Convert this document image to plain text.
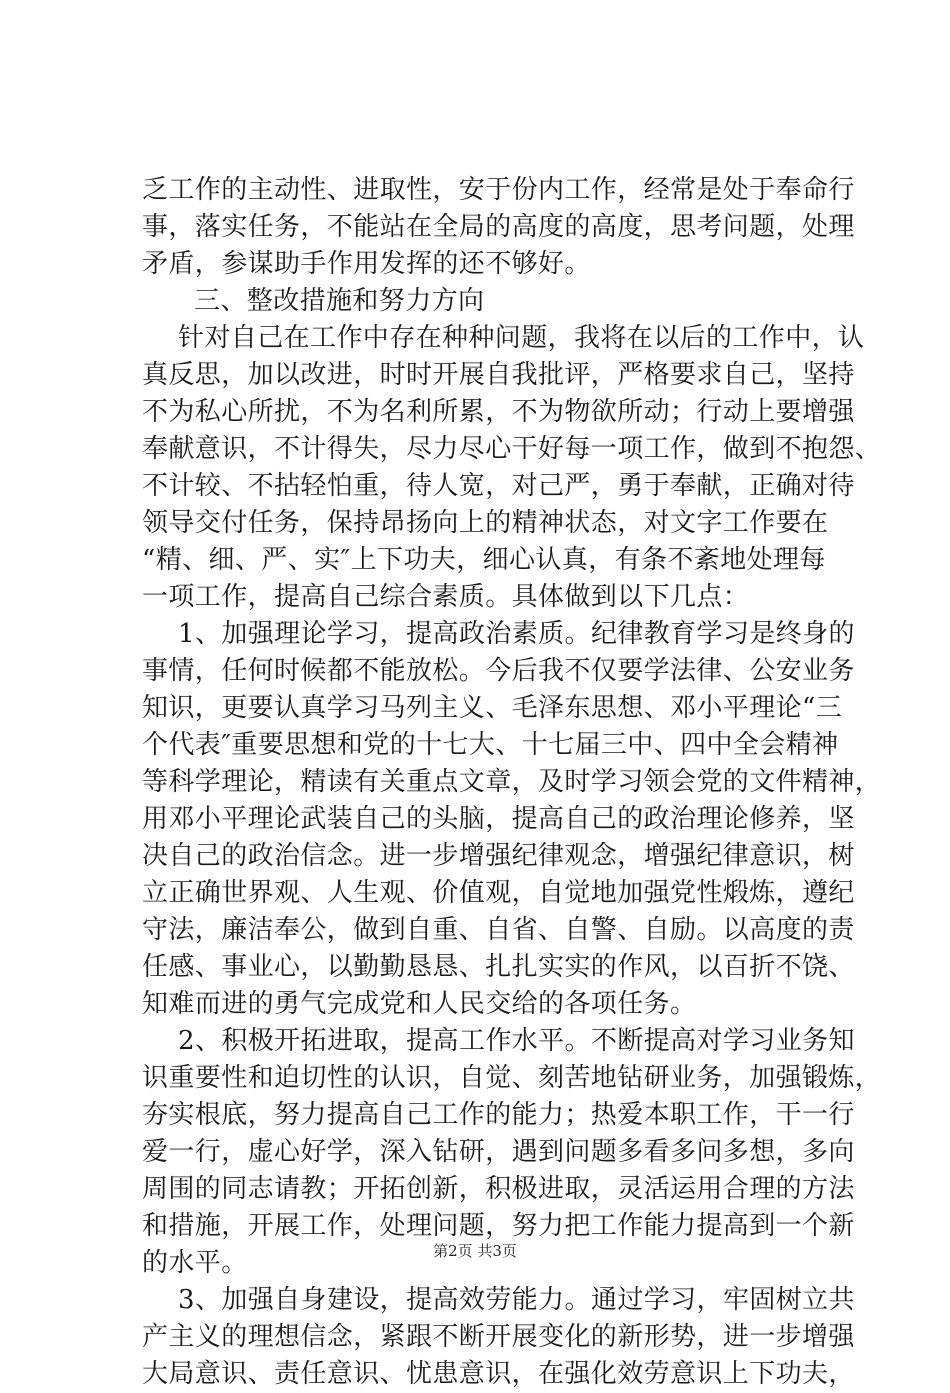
乏工作的主动性、进取性，安于份内工作，经常是处于奉命行
事，落实任务，不能站在全局的高度的高度，思考问题，处理
矛盾，参谋助手作用发挥的还不够好。
三、整改措施和努力方向
针对自己在工作中存在种种问题，我将在以后的工作中，认
真反思，加以改进，时时开展自我批评，严格要求自己，坚持
不为私心所扰，不为名利所累，不为物欲所动；行动上要增强
奉献意识，不计得失，尽力尽心干好每一项工作，做到不抱怨、
不计较、不拈轻怕重，待人宽，对己严，勇于奉献，正确对待
领导交付任务，保持昂扬向上的精神状态，对文字工作要在
“精、细、严、实″上下功夫，细心认真，有条不紊地处理每
一项工作，提高自己综合素质。具体做到以下几点：
1、加强理论学习，提高政治素质。纪律教育学习是终身的
事情，任何时候都不能放松。今后我不仅要学法律、公安业务
知识，更要认真学习马列主义、毛泽东思想、邓小平理论“三
个代表″重要思想和党的十七大、十七届三中、四中全会精神
等科学理论，精读有关重点文章，及时学习领会党的文件精神，
用邓小平理论武装自己的头脑，提高自己的政治理论修养，坚
决自己的政治信念。进一步增强纪律观念，增强纪律意识，树
立正确世界观、人生观、价值观，自觉地加强党性煅炼，遵纪
守法，廉洁奉公，做到自重、自省、自警、自励。以高度的责
任感、事业心，以勤勤恳恳、扎扎实实的作风，以百折不饶、
知难而进的勇气完成党和人民交给的各项任务。
2、积极开拓进取，提高工作水平。不断提高对学习业务知
识重要性和迫切性的认识，自觉、刻苦地钻研业务，加强锻炼，
夯实根底，努力提高自己工作的能力；热爱本职工作，干一行
爱一行，虚心好学，深入钻研，遇到问题多看多问多想，多向
周围的同志请教；开拓创新，积极进取，灵活运用合理的方法
和措施，开展工作，处理问题，努力把工作能力提高到一个新
的水平。
3、加强自身建设，提高效劳能力。通过学习，牢固树立共
产主义的理想信念，紧跟不断开展变化的新形势，进一步增强
大局意识、责任意识、忧患意识，在强化效劳意识上下功夫，
第2页 共3页
